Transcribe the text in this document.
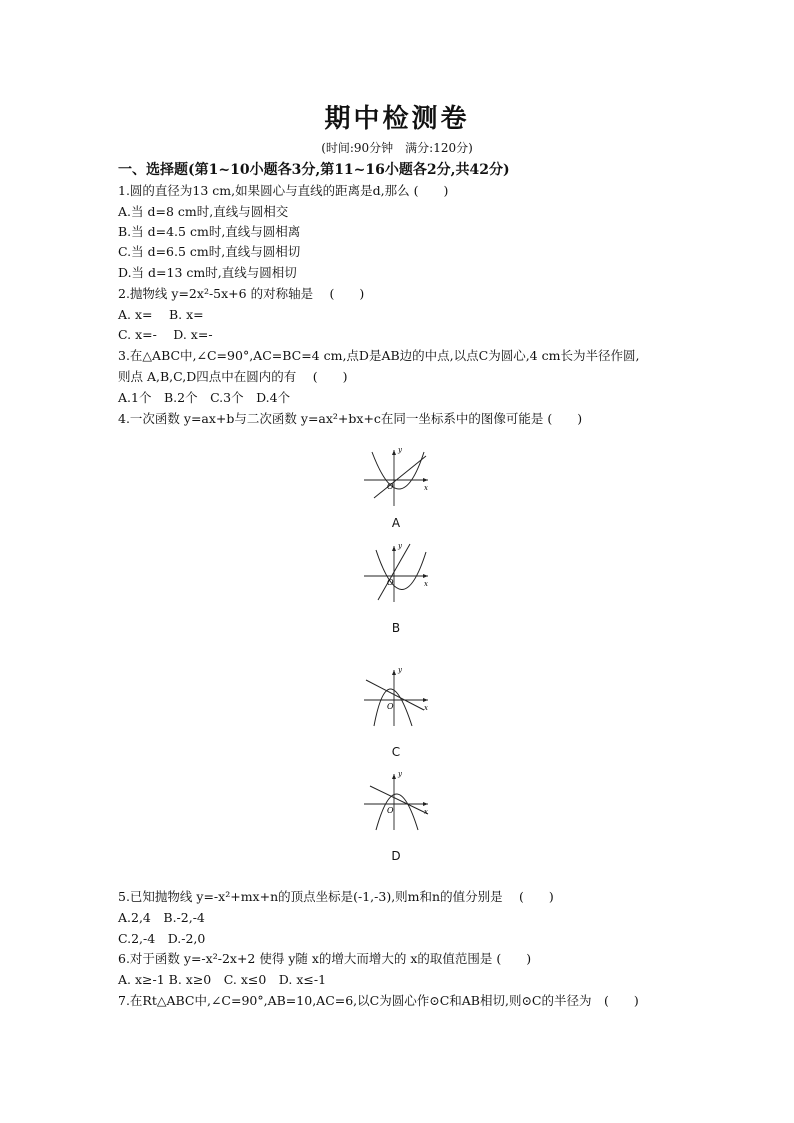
期中检测卷
(时间:90分钟　满分:120分)
一、选择题(第1~10小题各3分,第11~16小题各2分,共42分)
1.圆的直径为13 cm,如果圆心与直线的距离是d,那么 (　　)
A.当 d=8 cm时,直线与圆相交
B.当 d=4.5 cm时,直线与圆相离
C.当 d=6.5 cm时,直线与圆相切
D.当 d=13 cm时,直线与圆相切
2.抛物线 y=2x²-5x+6 的对称轴是　 (　　)
A. x=　 B. x=
C. x=-　 D. x=-
3.在△ABC中,∠C=90°,AC=BC=4 cm,点D是AB边的中点,以点C为圆心,4 cm长为半径作圆,
则点 A,B,C,D四点中在圆内的有　 (　　)
A.1个　B.2个　C.3个　D.4个
4.一次函数 y=ax+b与二次函数 y=ax²+bx+c在同一坐标系中的图像可能是 (　　)
y
x
O
A
y
x
O
B
y
x
O
C
y
x
O
D
5.已知抛物线 y=-x²+mx+n的顶点坐标是(-1,-3),则m和n的值分别是　 (　　)
A.2,4　B.-2,-4
C.2,-4　D.-2,0
6.对于函数 y=-x²-2x+2 使得 y随 x的增大而增大的 x的取值范围是 (　　)
A. x≥-1 B. x≥0　C. x≤0　D. x≤-1
7.在Rt△ABC中,∠C=90°,AB=10,AC=6,以C为圆心作⊙C和AB相切,则⊙C的半径为　(　　)
